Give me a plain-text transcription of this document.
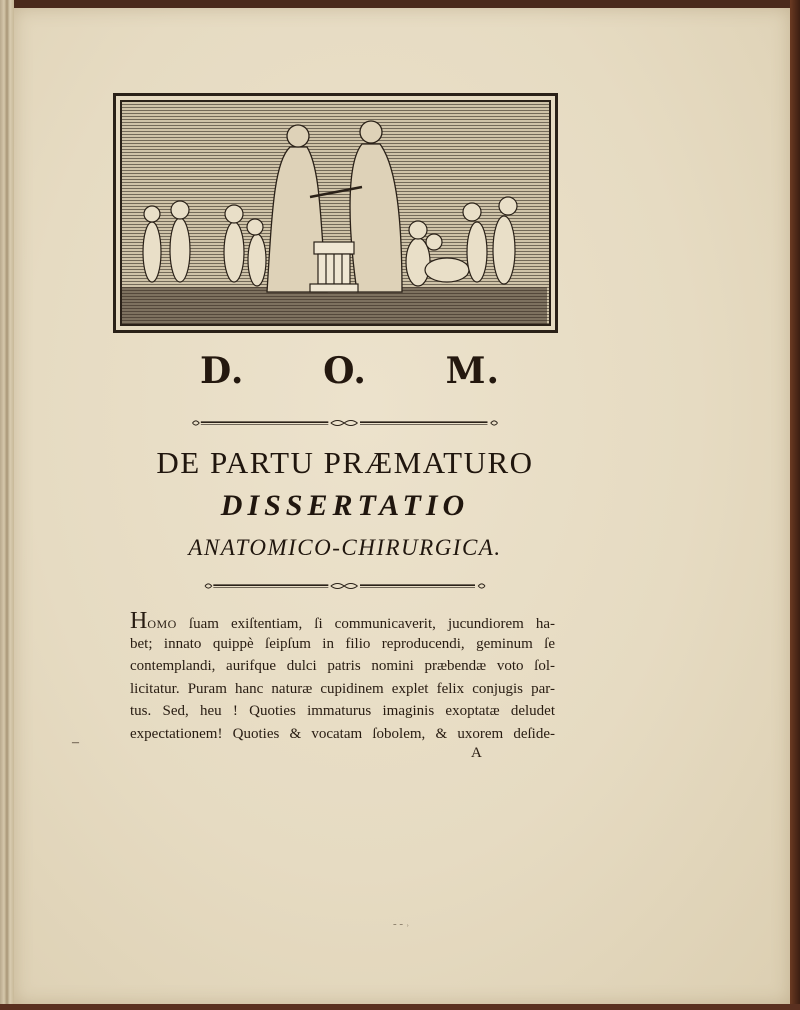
D. O. M.
DE PARTU PRÆMATURO
DISSERTATIO
ANATOMICO-CHIRURGICA.
HOMO ſuam exiſtentiam, ſi communicaverit, jucundiorem ha-
bet; innato quippè ſeipſum in filio reproducendi, geminum ſe
contemplandi, aurifque dulci patris nomini præbendæ voto ſol-
licitatur. Puram hanc naturæ cupidinem explet felix conjugis par-
tus. Sed, heu ! Quoties immaturus imaginis exoptatæ deludet
expectationem! Quoties & vocatam ſobolem, & uxorem deſide-
A
–
- - ˒
